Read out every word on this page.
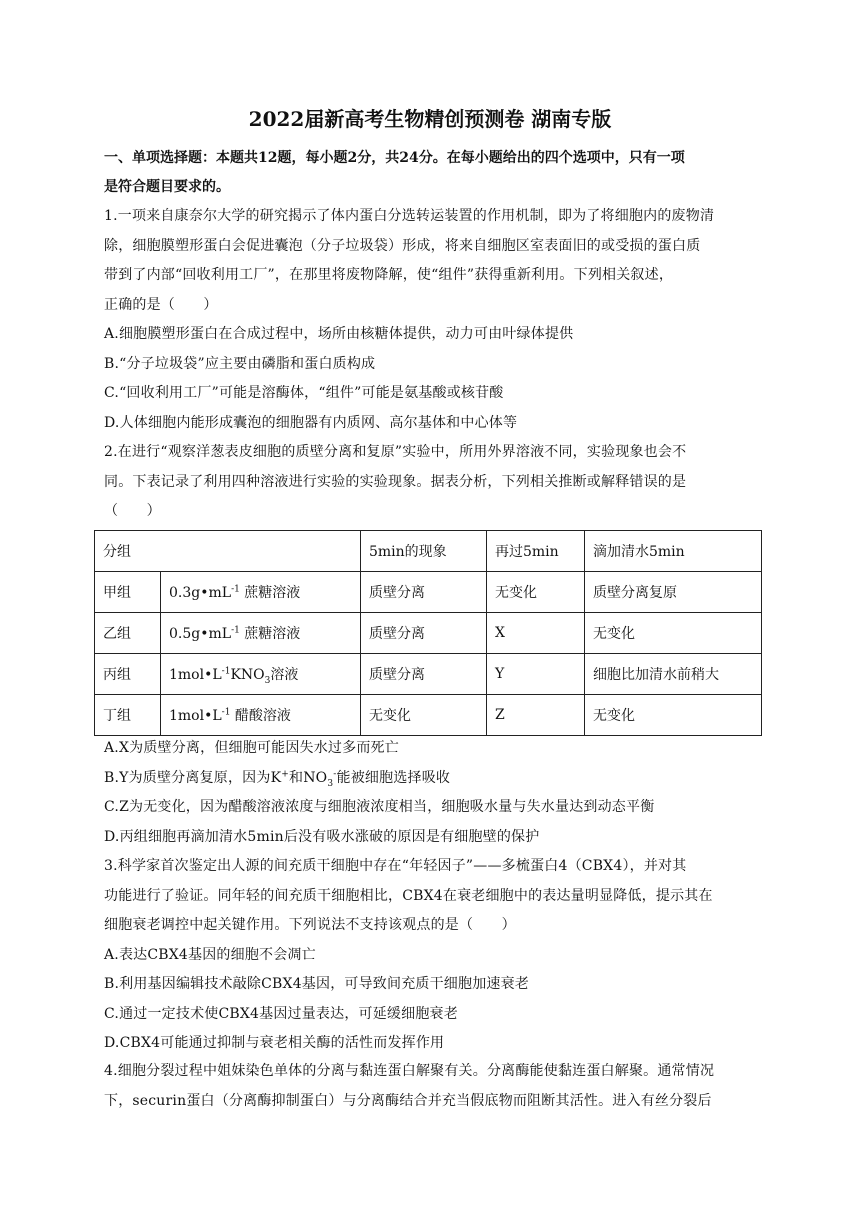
2022届新高考生物精创预测卷 湖南专版

一、单项选择题：本题共12题，每小题2分，共24分。在每小题给出的四个选项中，只有一项

是符合题目要求的。

1.一项来自康奈尔大学的研究揭示了体内蛋白分选转运装置的作用机制，即为了将细胞内的废物清
除，细胞膜塑形蛋白会促进囊泡（分子垃圾袋）形成，将来自细胞区室表面旧的或受损的蛋白质
带到了内部“回收利用工厂”，在那里将废物降解，使“组件”获得重新利用。下列相关叙述，
正确的是（　　）

A.细胞膜塑形蛋白在合成过程中，场所由核糖体提供，动力可由叶绿体提供

B.“分子垃圾袋”应主要由磷脂和蛋白质构成

C.“回收利用工厂”可能是溶酶体，“组件”可能是氨基酸或核苷酸

D.人体细胞内能形成囊泡的细胞器有内质网、高尔基体和中心体等

2.在进行“观察洋葱表皮细胞的质壁分离和复原”实验中，所用外界溶液不同，实验现象也会不
同。下表记录了利用四种溶液进行实验的实验现象。据表分析，下列相关推断或解释错误的是
（　　）
分组		5min的现象	再过5min	滴加清水5min
甲组	$0.3g•mL^{-1}$ 蔗糖溶液	质壁分离	无变化	质壁分离复原
乙组	$0.5g•mL^{-1}$ 蔗糖溶液	质壁分离	X	无变化
丙组	$1mol•L^{-1}KNO_3$溶液	质壁分离	Y	细胞比加清水前稍大
丁组	$1mol•L^{-1}$ 醋酸溶液	无变化	Z	无变化

A.X为质壁分离，但细胞可能因失水过多而死亡

B.Y为质壁分离复原，因为K+和$NO_3^-$能被细胞选择吸收

C.Z为无变化，因为醋酸溶液浓度与细胞液浓度相当，细胞吸水量与失水量达到动态平衡

D.丙组细胞再滴加清水5min后没有吸水涨破的原因是有细胞壁的保护

3.科学家首次鉴定出人源的间充质干细胞中存在“年轻因子”——多梳蛋白4（CBX4），并对其
功能进行了验证。同年轻的间充质干细胞相比，CBX4在衰老细胞中的表达量明显降低，提示其在
细胞衰老调控中起关键作用。下列说法不支持该观点的是（　　）

A.表达CBX4基因的细胞不会凋亡

B.利用基因编辑技术敲除CBX4基因，可导致间充质干细胞加速衰老

C.通过一定技术使CBX4基因过量表达，可延缓细胞衰老

D.CBX4可能通过抑制与衰老相关酶的活性而发挥作用

4.细胞分裂过程中姐妹染色单体的分离与黏连蛋白解聚有关。分离酶能使黏连蛋白解聚。通常情况
下，securin蛋白（分离酶抑制蛋白）与分离酶结合并充当假底物而阻断其活性。进入有丝分裂后
